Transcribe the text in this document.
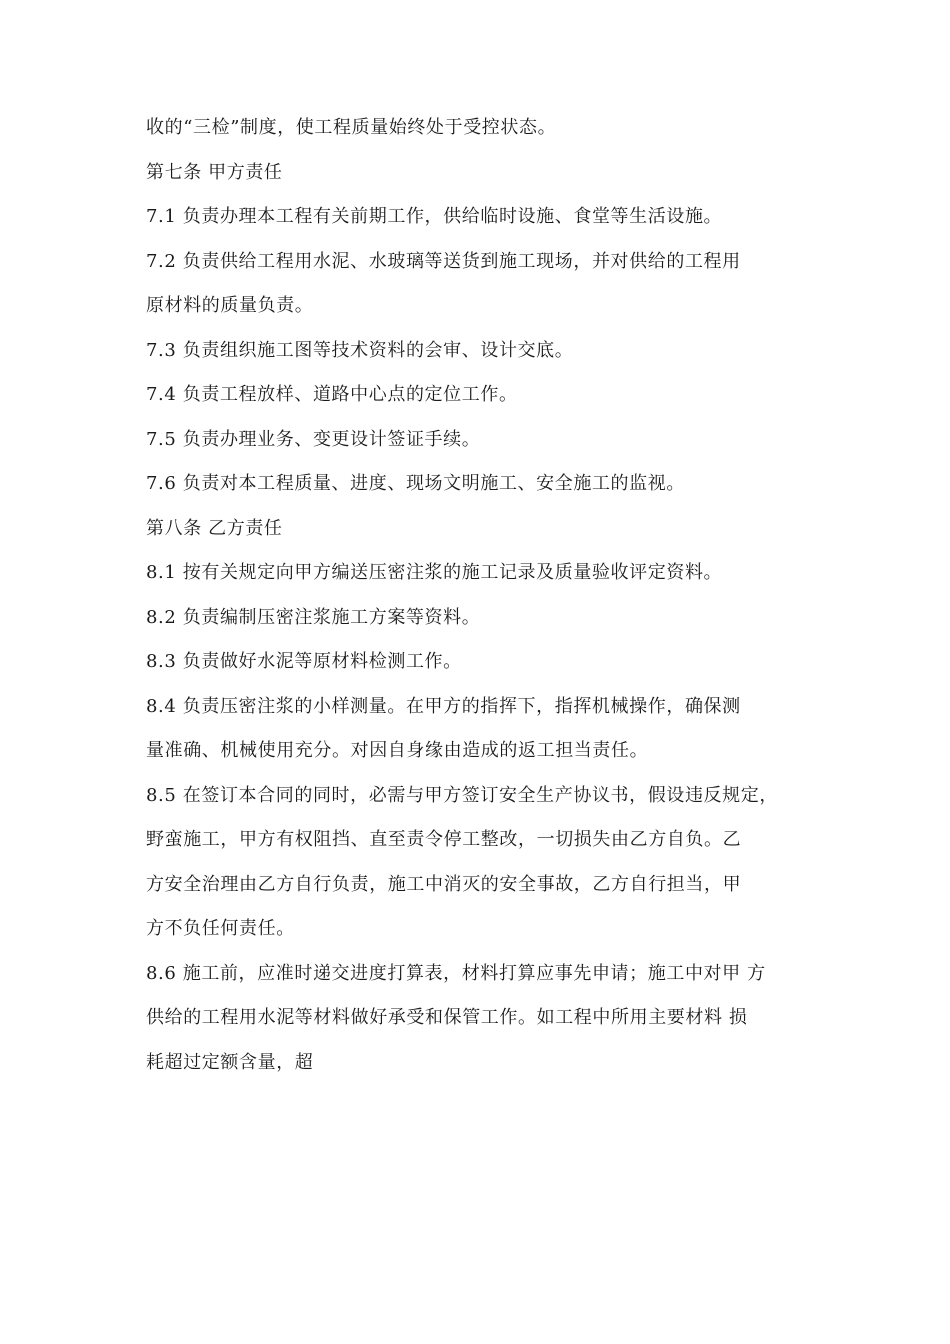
收的“三检”制度，使工程质量始终处于受控状态。
第七条 甲方责任
7.1 负责办理本工程有关前期工作，供给临时设施、食堂等生活设施。
7.2 负责供给工程用水泥、水玻璃等送货到施工现场，并对供给的工程用
原材料的质量负责。
7.3 负责组织施工图等技术资料的会审、设计交底。
7.4 负责工程放样、道路中心点的定位工作。
7.5 负责办理业务、变更设计签证手续。
7.6 负责对本工程质量、进度、现场文明施工、安全施工的监视。
第八条 乙方责任
8.1 按有关规定向甲方编送压密注浆的施工记录及质量验收评定资料。
8.2 负责编制压密注浆施工方案等资料。
8.3 负责做好水泥等原材料检测工作。
8.4 负责压密注浆的小样测量。在甲方的指挥下，指挥机械操作，确保测
量准确、机械使用充分。对因自身缘由造成的返工担当责任。
8.5 在签订本合同的同时，必需与甲方签订安全生产协议书，假设违反规定，
野蛮施工，甲方有权阻挡、直至责令停工整改，一切损失由乙方自负。乙
方安全治理由乙方自行负责，施工中消灭的安全事故，乙方自行担当，甲
方不负任何责任。
8.6 施工前，应准时递交进度打算表，材料打算应事先申请；施工中对甲 方
供给的工程用水泥等材料做好承受和保管工作。如工程中所用主要材料 损
耗超过定额含量，超
